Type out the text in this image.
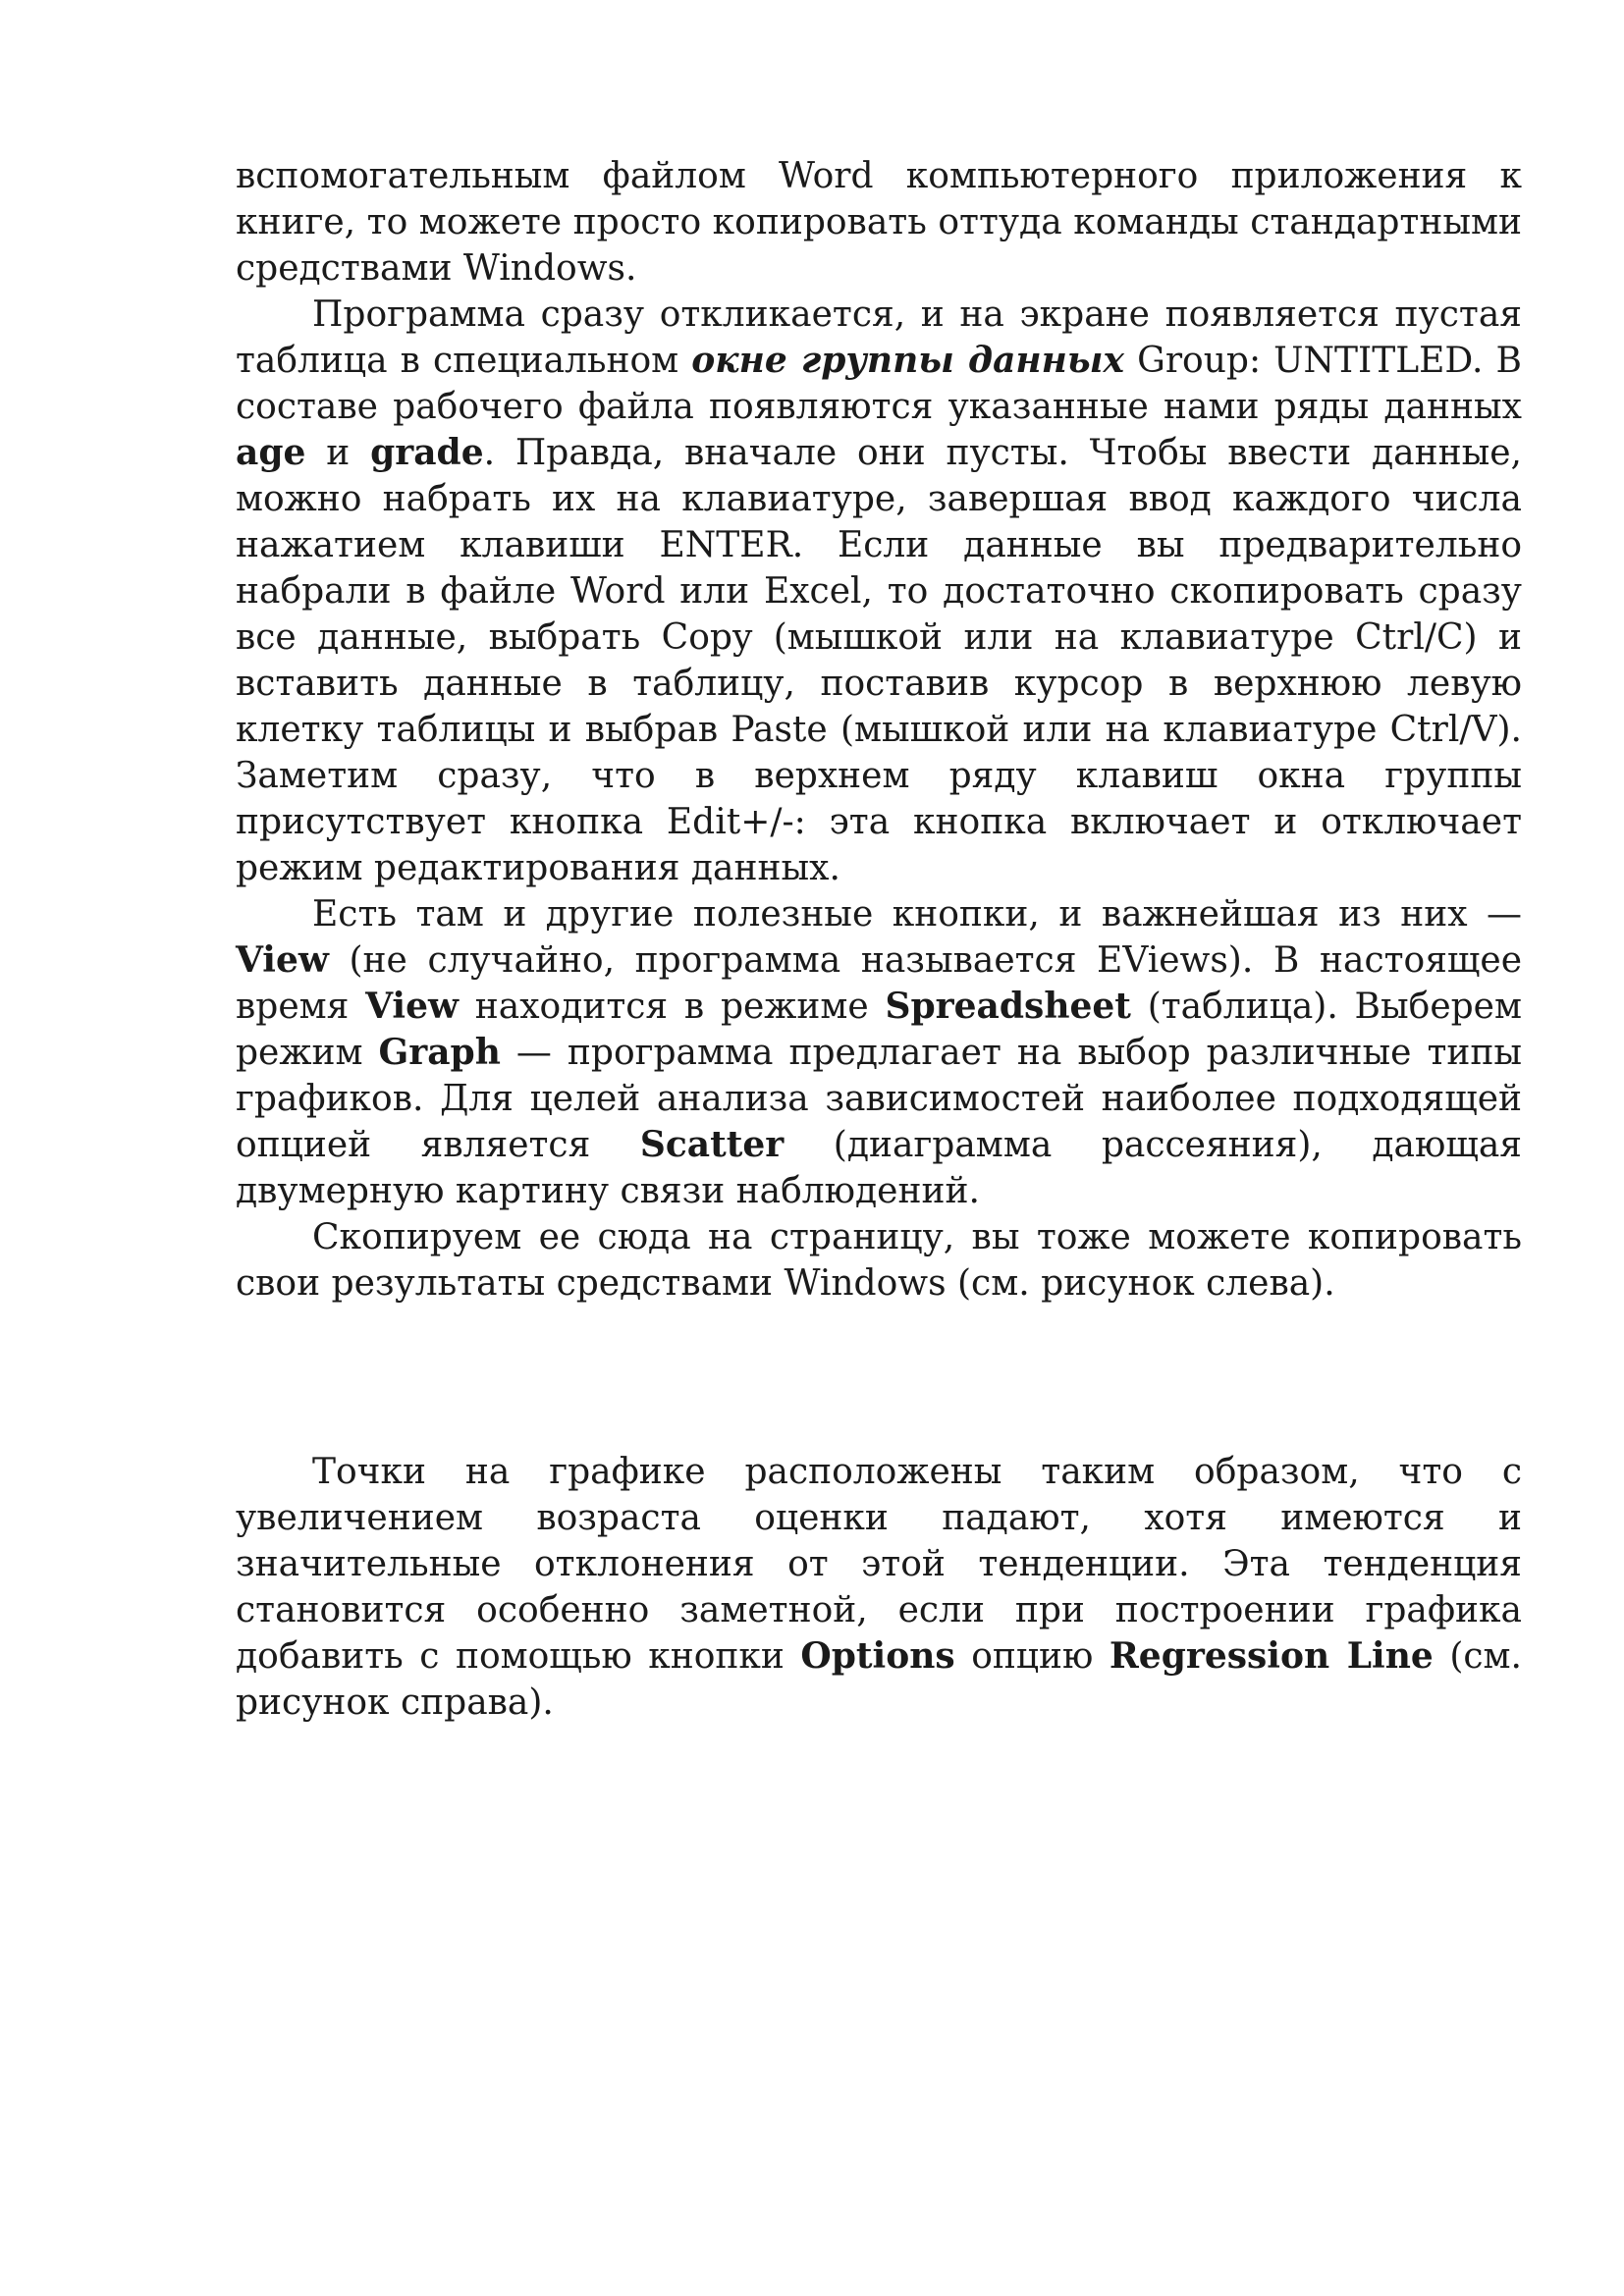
вспомогательным файлом Word компьютерного приложения к книге, то можете просто копировать оттуда команды стандартными средствами Windows.

Программа сразу откликается, и на экране появляется пустая таблица в специальном окне группы данных Group: UNTITLED. В составе рабочего файла появляются указанные нами ряды данных age и grade. Правда, вначале они пусты. Чтобы ввести данные, можно набрать их на клавиатуре, завершая ввод каждого числа нажатием клавиши ENTER. Если данные вы предварительно набрали в файле Word или Excel, то достаточно скопировать сразу все данные, выбрать Copy (мышкой или на клавиатуре Ctrl/C) и вставить данные в таблицу, поставив курсор в верхнюю левую клетку таблицы и выбрав Paste (мышкой или на клавиатуре Ctrl/V). Заметим сразу, что в верхнем ряду клавиш окна группы присутствует кнопка Edit+/-: эта кнопка включает и отключает режим редактирования данных.

Есть там и другие полезные кнопки, и важнейшая из них — View (не случайно, программа называется EViews). В настоящее время View находится в режиме Spreadsheet (таблица). Выберем режим Graph — программа предлагает на выбор различные типы графиков. Для целей анализа зависимостей наиболее подходящей опцией является Scatter (диаграмма рассеяния), дающая двумерную картину связи наблюдений.

Скопируем ее сюда на страницу, вы тоже можете копировать свои результаты средствами Windows (см. рисунок слева).

Точки на графике расположены таким образом, что с увеличением возраста оценки падают, хотя имеются и значительные отклонения от этой тенденции. Эта тенденция становится особенно заметной, если при построении графика добавить с помощью кнопки Options опцию Regression Line (см. рисунок справа).
